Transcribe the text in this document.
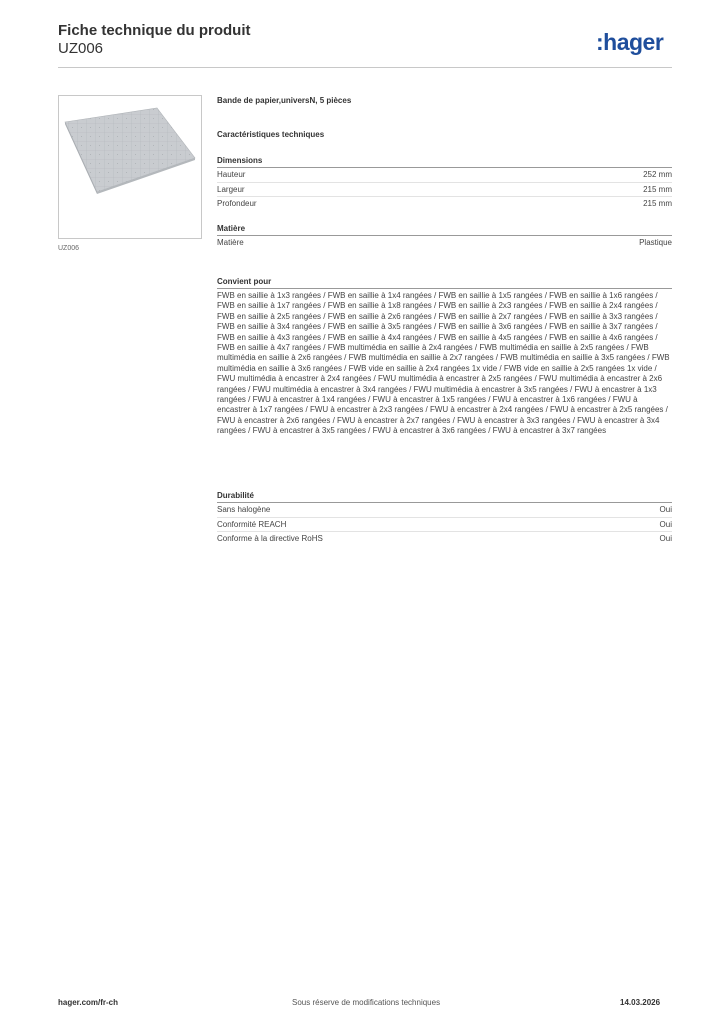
Fiche technique du produit
UZ006	:hager
UZ006
Bande de papier,universN, 5 pièces
Caractéristiques techniques
Dimensions
Hauteur	252 mm
Largeur	215 mm
Profondeur	215 mm
Matière
Matière	Plastique
Convient pour
FWB en saillie à 1x3 rangées / FWB en saillie à 1x4 rangées / FWB en saillie à 1x5 rangées / FWB en saillie à 1x6 rangées / FWB en saillie à 1x7 rangées / FWB en saillie à 1x8 rangées / FWB en saillie à 2x3 rangées / FWB en saillie à 2x4 rangées / FWB en saillie à 2x5 rangées / FWB en saillie à 2x6 rangées / FWB en saillie à 2x7 rangées / FWB en saillie à 3x3 rangées / FWB en saillie à 3x4 rangées / FWB en saillie à 3x5 rangées / FWB en saillie à 3x6 rangées / FWB en saillie à 3x7 rangées / FWB en saillie à 4x3 rangées / FWB en saillie à 4x4 rangées / FWB en saillie à 4x5 rangées / FWB en saillie à 4x6 rangées / FWB en saillie à 4x7 rangées / FWB multimédia en saillie à 2x4 rangées / FWB multimédia en saillie à 2x5 rangées / FWB multimédia en saillie à 2x6 rangées / FWB multimédia en saillie à 2x7 rangées / FWB multimédia en saillie à 3x5 rangées / FWB multimédia en saillie à 3x6 rangées / FWB vide en saillie à 2x4 rangées 1x vide / FWB vide en saillie à 2x5 rangées 1x vide / FWU multimédia à encastrer à 2x4 rangées / FWU multimédia à encastrer à 2x5 rangées / FWU multimédia à encastrer à 2x6 rangées / FWU multimédia à encastrer à 3x4 rangées / FWU multimédia à encastrer à 3x5 rangées / FWU à encastrer à 1x3 rangées / FWU à encastrer à 1x4 rangées / FWU à encastrer à 1x5 rangées / FWU à encastrer à 1x6 rangées / FWU à encastrer à 1x7 rangées / FWU à encastrer à 2x3 rangées / FWU à encastrer à 2x4 rangées / FWU à encastrer à 2x5 rangées / FWU à encastrer à 2x6 rangées / FWU à encastrer à 2x7 rangées / FWU à encastrer à 3x3 rangées / FWU à encastrer à 3x4 rangées / FWU à encastrer à 3x5 rangées / FWU à encastrer à 3x6 rangées / FWU à encastrer à 3x7 rangées
Durabilité
Sans halogène	Oui
Conformité REACH	Oui
Conforme à la directive RoHS	Oui
hager.com/fr-ch	Sous réserve de modifications techniques	14.03.2026
